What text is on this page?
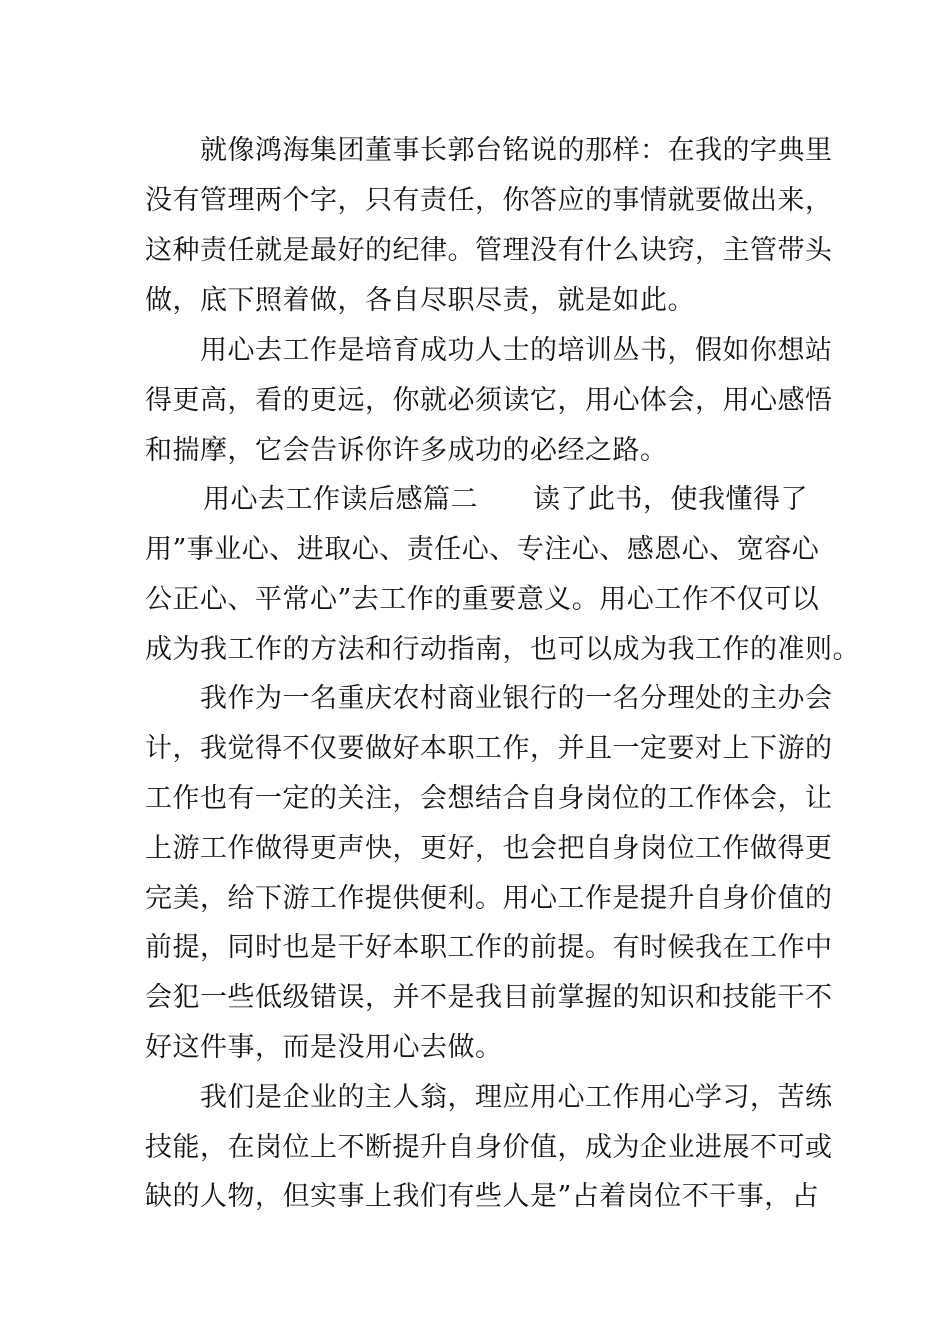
就像鸿海集团董事长郭台铭说的那样：在我的字典里
没有管理两个字，只有责任，你答应的事情就要做出来，
这种责任就是最好的纪律。管理没有什么诀窍，主管带头
做，底下照着做，各自尽职尽责，就是如此。
用心去工作是培育成功人士的培训丛书，假如你想站
得更高，看的更远，你就必须读它，用心体会，用心感悟
和揣摩，它会告诉你许多成功的必经之路。
用心去工作读后感篇二　　读了此书，使我懂得了
用”事业心、进取心、责任心、专注心、感恩心、宽容心
公正心、平常心”去工作的重要意义。用心工作不仅可以
成为我工作的方法和行动指南，也可以成为我工作的准则。
我作为一名重庆农村商业银行的一名分理处的主办会
计，我觉得不仅要做好本职工作，并且一定要对上下游的
工作也有一定的关注，会想结合自身岗位的工作体会，让
上游工作做得更声快，更好，也会把自身岗位工作做得更
完美，给下游工作提供便利。用心工作是提升自身价值的
前提，同时也是干好本职工作的前提。有时候我在工作中
会犯一些低级错误，并不是我目前掌握的知识和技能干不
好这件事，而是没用心去做。
我们是企业的主人翁，理应用心工作用心学习，苦练
技能，在岗位上不断提升自身价值，成为企业进展不可或
缺的人物，但实事上我们有些人是”占着岗位不干事，占
